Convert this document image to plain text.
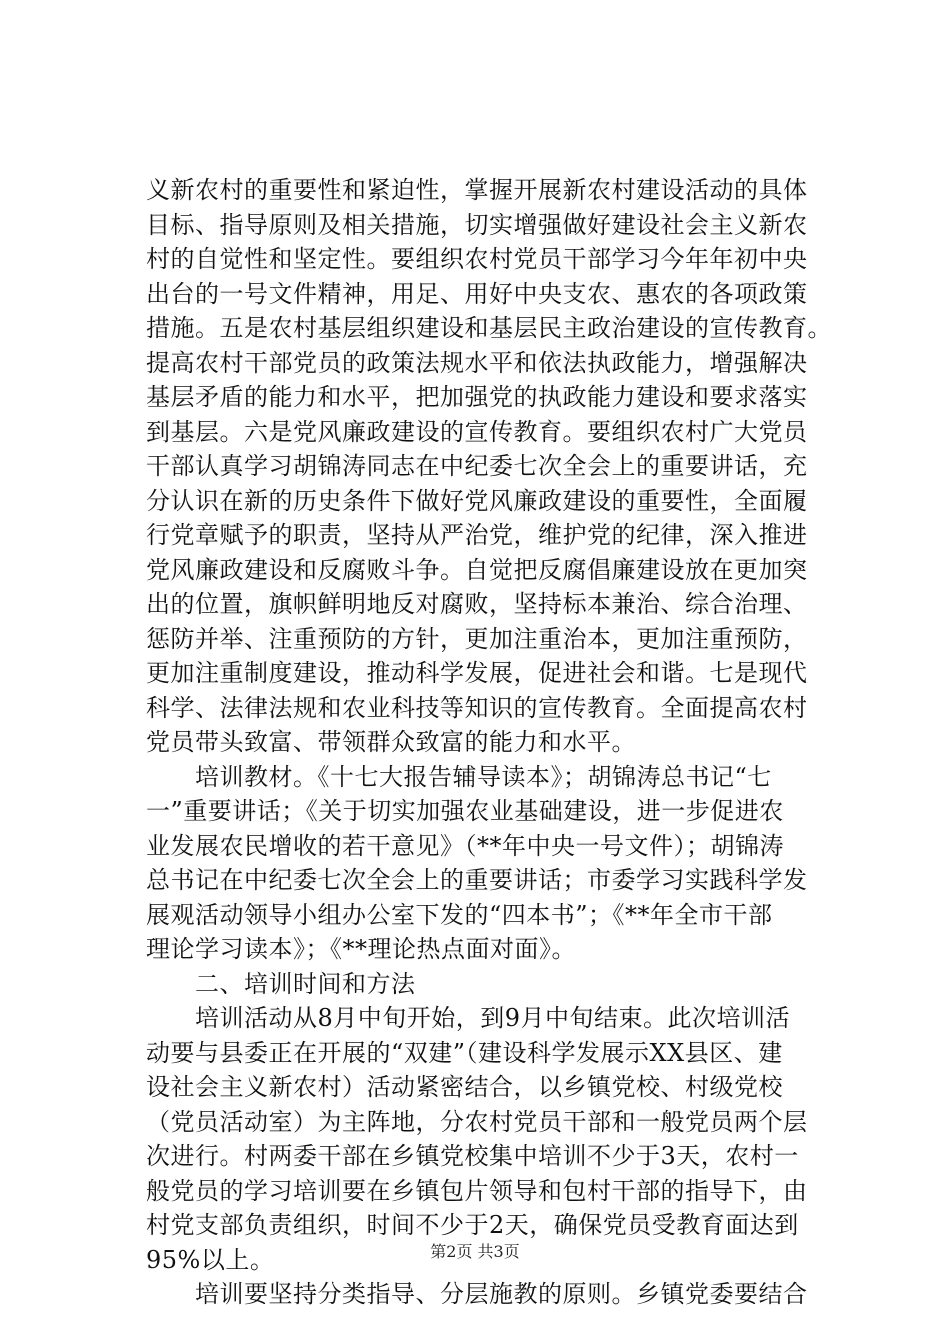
义新农村的重要性和紧迫性，掌握开展新农村建设活动的具体
目标、指导原则及相关措施，切实增强做好建设社会主义新农
村的自觉性和坚定性。要组织农村党员干部学习今年年初中央
出台的一号文件精神，用足、用好中央支农、惠农的各项政策
措施。五是农村基层组织建设和基层民主政治建设的宣传教育。
提高农村干部党员的政策法规水平和依法执政能力，增强解决
基层矛盾的能力和水平，把加强党的执政能力建设和要求落实
到基层。六是党风廉政建设的宣传教育。要组织农村广大党员
干部认真学习胡锦涛同志在中纪委七次全会上的重要讲话，充
分认识在新的历史条件下做好党风廉政建设的重要性，全面履
行党章赋予的职责，坚持从严治党，维护党的纪律，深入推进
党风廉政建设和反腐败斗争。自觉把反腐倡廉建设放在更加突
出的位置，旗帜鲜明地反对腐败，坚持标本兼治、综合治理、
惩防并举、注重预防的方针，更加注重治本，更加注重预防，
更加注重制度建设，推动科学发展，促进社会和谐。七是现代
科学、法律法规和农业科技等知识的宣传教育。全面提高农村
党员带头致富、带领群众致富的能力和水平。
　　培训教材。《十七大报告辅导读本》；胡锦涛总书记“七
一”重要讲话；《关于切实加强农业基础建设，进一步促进农
业发展农民增收的若干意见》（**年中央一号文件）；胡锦涛
总书记在中纪委七次全会上的重要讲话；市委学习实践科学发
展观活动领导小组办公室下发的“四本书”；《**年全市干部
理论学习读本》；《**理论热点面对面》。
　　二、培训时间和方法
　　培训活动从8月中旬开始，到9月中旬结束。此次培训活
动要与县委正在开展的“双建”（建设科学发展示XX县区、建
设社会主义新农村）活动紧密结合，以乡镇党校、村级党校
（党员活动室）为主阵地，分农村党员干部和一般党员两个层
次进行。村两委干部在乡镇党校集中培训不少于3天，农村一
般党员的学习培训要在乡镇包片领导和包村干部的指导下，由
村党支部负责组织，时间不少于2天，确保党员受教育面达到
95%以上。
　　培训要坚持分类指导、分层施教的原则。乡镇党委要结合
第2页 共3页
